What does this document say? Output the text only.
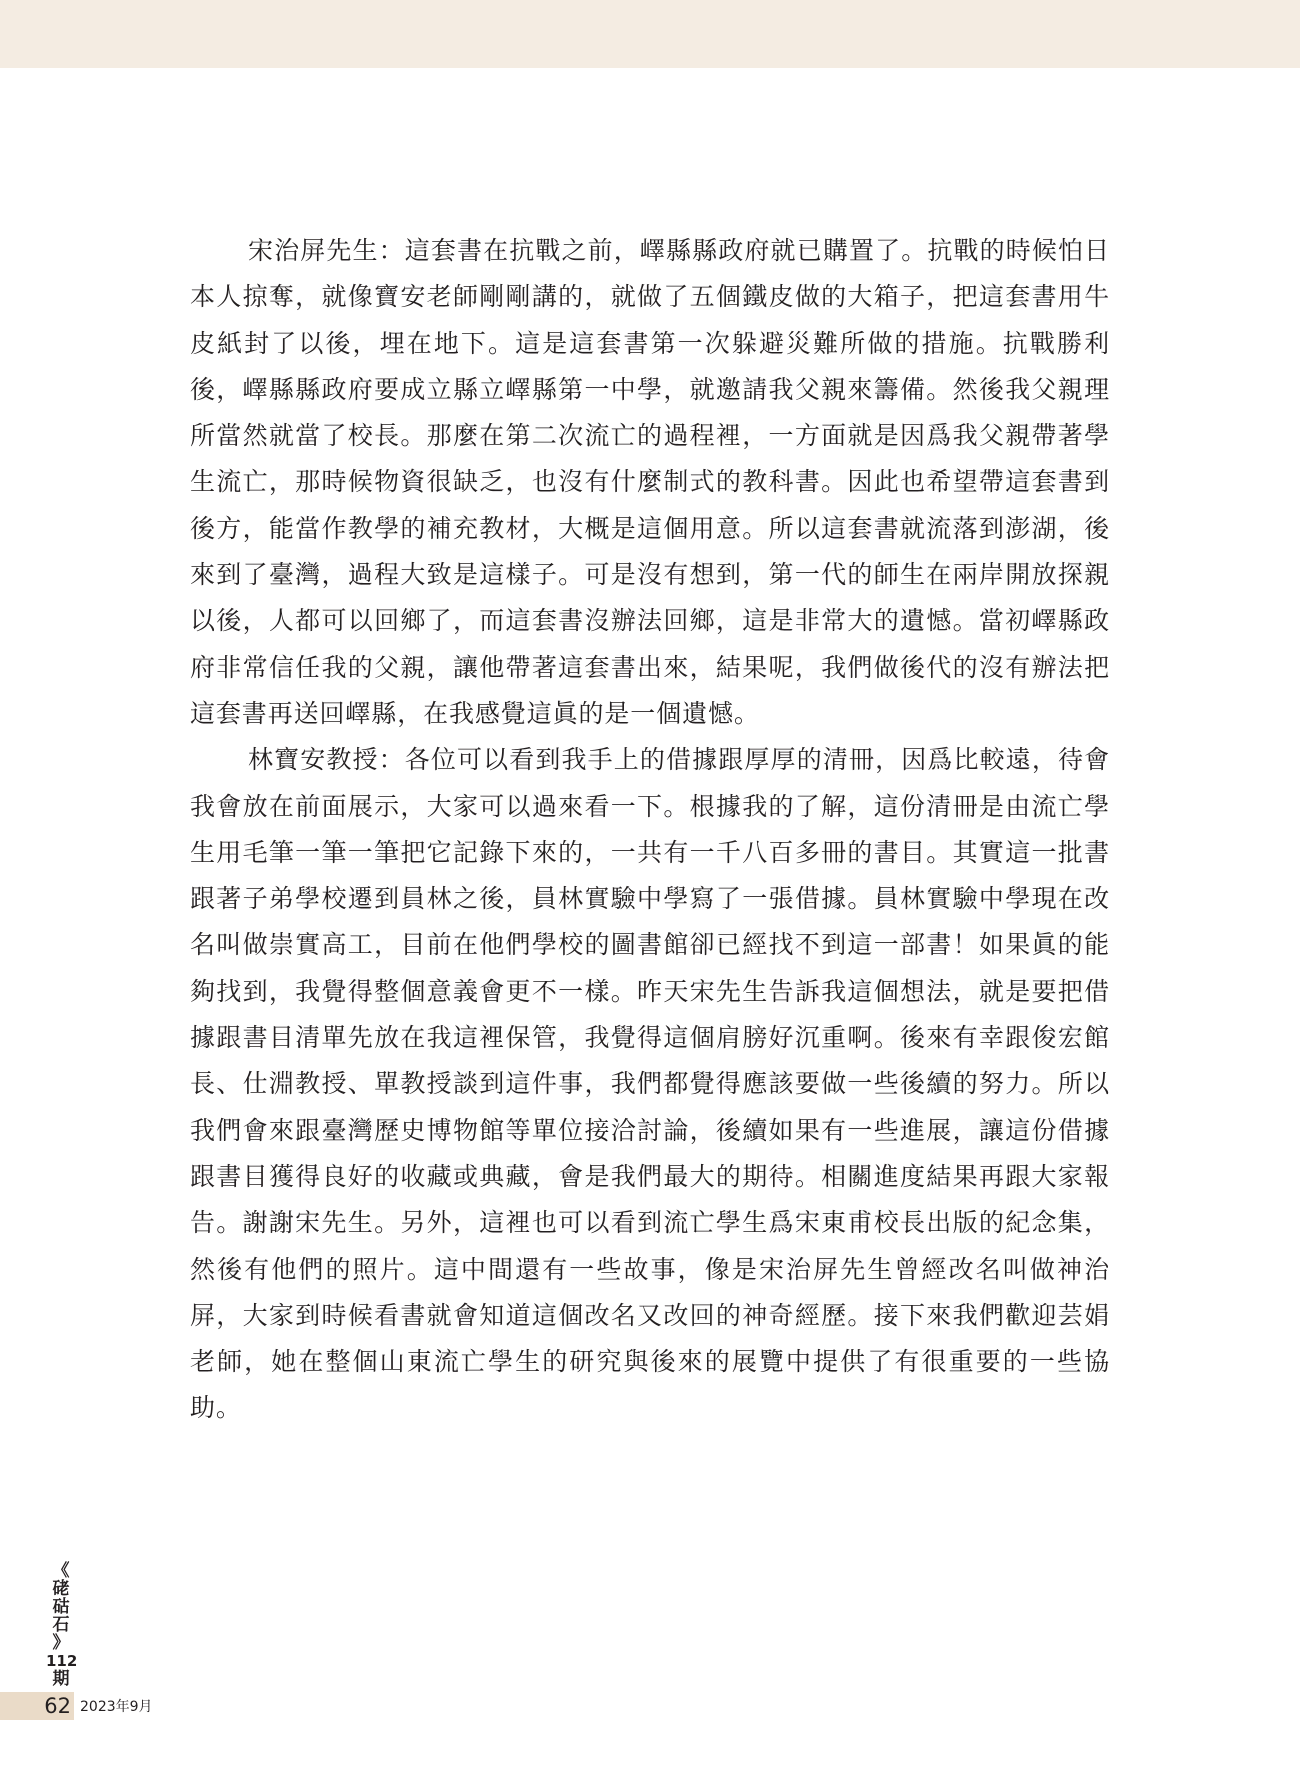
宋治屏先生：這套書在抗戰之前，嶧縣縣政府就已購置了。抗戰的時候怕日本人掠奪，就像寶安老師剛剛講的，就做了五個鐵皮做的大箱子，把這套書用牛皮紙封了以後，埋在地下。這是這套書第一次躲避災難所做的措施。抗戰勝利後，嶧縣縣政府要成立縣立嶧縣第一中學，就邀請我父親來籌備。然後我父親理所當然就當了校長。那麼在第二次流亡的過程裡，一方面就是因爲我父親帶著學生流亡，那時候物資很缺乏，也沒有什麼制式的教科書。因此也希望帶這套書到後方，能當作教學的補充教材，大概是這個用意。所以這套書就流落到澎湖，後來到了臺灣，過程大致是這樣子。可是沒有想到，第一代的師生在兩岸開放探親以後，人都可以回鄉了，而這套書沒辦法回鄉，這是非常大的遺憾。當初嶧縣政府非常信任我的父親，讓他帶著這套書出來，結果呢，我們做後代的沒有辦法把這套書再送回嶧縣，在我感覺這眞的是一個遺憾。

林寶安教授：各位可以看到我手上的借據跟厚厚的清冊，因爲比較遠，待會我會放在前面展示，大家可以過來看一下。根據我的了解，這份清冊是由流亡學生用毛筆一筆一筆把它記錄下來的，一共有一千八百多冊的書目。其實這一批書跟著子弟學校遷到員林之後，員林實驗中學寫了一張借據。員林實驗中學現在改名叫做崇實高工，目前在他們學校的圖書館卻已經找不到這一部書！如果眞的能夠找到，我覺得整個意義會更不一樣。昨天宋先生告訴我這個想法，就是要把借據跟書目清單先放在我這裡保管，我覺得這個肩膀好沉重啊。後來有幸跟俊宏館長、仕淵教授、單教授談到這件事，我們都覺得應該要做一些後續的努力。所以我們會來跟臺灣歷史博物館等單位接洽討論，後續如果有一些進展，讓這份借據跟書目獲得良好的收藏或典藏，會是我們最大的期待。相關進度結果再跟大家報告。謝謝宋先生。另外，這裡也可以看到流亡學生爲宋東甫校長出版的紀念集，然後有他們的照片。這中間還有一些故事，像是宋治屏先生曾經改名叫做神治屏，大家到時候看書就會知道這個改名又改回的神奇經歷。接下來我們歡迎芸娟老師，她在整個山東流亡學生的研究與後來的展覽中提供了有很重要的一些協助。

《
硓
𥑮
石
》
112
期
62 2023年9月
